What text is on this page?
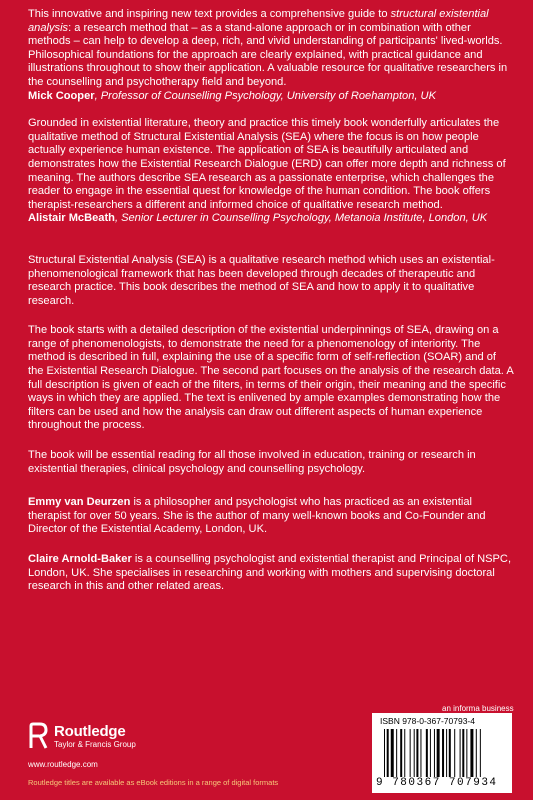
This innovative and inspiring new text provides a comprehensive guide to structural existential analysis: a research method that – as a stand-alone approach or in combination with other methods – can help to develop a deep, rich, and vivid understanding of participants' lived-worlds. Philosophical foundations for the approach are clearly explained, with practical guidance and illustrations throughout to show their application. A valuable resource for qualitative researchers in the counselling and psychotherapy field and beyond.

Mick Cooper, Professor of Counselling Psychology, University of Roehampton, UK

Grounded in existential literature, theory and practice this timely book wonderfully articulates the qualitative method of Structural Existential Analysis (SEA) where the focus is on how people actually experience human existence. The application of SEA is beautifully articulated and demonstrates how the Existential Research Dialogue (ERD) can offer more depth and richness of meaning. The authors describe SEA research as a passionate enterprise, which challenges the reader to engage in the essential quest for knowledge of the human condition. The book offers therapist-researchers a different and informed choice of qualitative research method.

Alistair McBeath, Senior Lecturer in Counselling Psychology, Metanoia Institute, London, UK

Structural Existential Analysis (SEA) is a qualitative research method which uses an existential-phenomenological framework that has been developed through decades of therapeutic and research practice. This book describes the method of SEA and how to apply it to qualitative research.

The book starts with a detailed description of the existential underpinnings of SEA, drawing on a range of phenomenologists, to demonstrate the need for a phenomenology of interiority. The method is described in full, explaining the use of a specific form of self-reflection (SOAR) and of the Existential Research Dialogue. The second part focuses on the analysis of the research data. A full description is given of each of the filters, in terms of their origin, their meaning and the specific ways in which they are applied. The text is enlivened by ample examples demonstrating how the filters can be used and how the analysis can draw out different aspects of human experience throughout the process.

The book will be essential reading for all those involved in education, training or research in existential therapies, clinical psychology and counselling psychology.

Emmy van Deurzen is a philosopher and psychologist who has practiced as an existential therapist for over 50 years. She is the author of many well-known books and Co-Founder and Director of the Existential Academy, London, UK.

Claire Arnold-Baker is a counselling psychologist and existential therapist and Principal of NSPC, London, UK. She specialises in researching and working with mothers and supervising doctoral research in this and other related areas.

Routledge
Taylor & Francis Group
www.routledge.com
Routledge titles are available as eBook editions in a range of digital formats
an informa business
ISBN 978-0-367-70793-4
9 780367 707934
